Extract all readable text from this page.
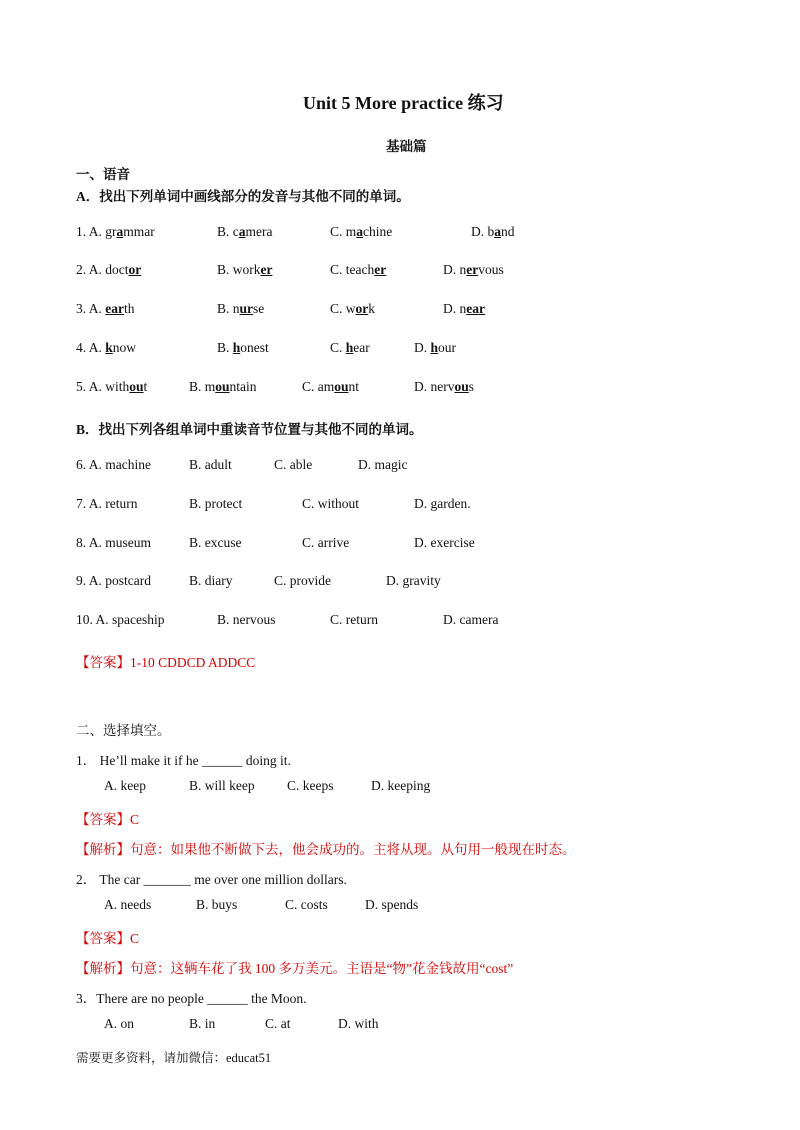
Unit 5 More practice 练习
基础篇
一、语音
A．找出下列单词中画线部分的发音与其他不同的单词。
1. A. grammar	B. camera	C. machine	D. band
2. A. doctor	B. worker	C. teacher	D. nervous
3. A. earth	B. nurse	C. work	D. near
4. A. know	B. honest	C. hear	D. hour
5. A. without	B. mountain	C. amount	D. nervous
B．找出下列各组单词中重读音节位置与其他不同的单词。
6. A. machine	B. adult	C. able	D. magic
7. A. return	B. protect	C. without	D. garden.
8. A. museum	B. excuse	C. arrive	D. exercise
9. A. postcard	B. diary	C. provide	D. gravity
10. A. spaceship	B. nervous	C. return	D. camera
【答案】1-10 CDDCD ADDCC
二、选择填空。
1． He’ll make it if he ______ doing it.
A. keep	B. will keep C. keeps	D. keeping
【答案】C
【解析】句意：如果他不断做下去，他会成功的。主将从现。从句用一般现在时态。
2． The car _______ me over one million dollars.
A. needs	B. buys	C. costs	D. spends
【答案】C
【解析】句意：这辆车花了我 100 多万美元。主语是“物”花金钱故用“cost”
3．There are no people ______ the Moon.
A. on	B. in	C. at	D. with
需要更多资料，请加微信：educat51
